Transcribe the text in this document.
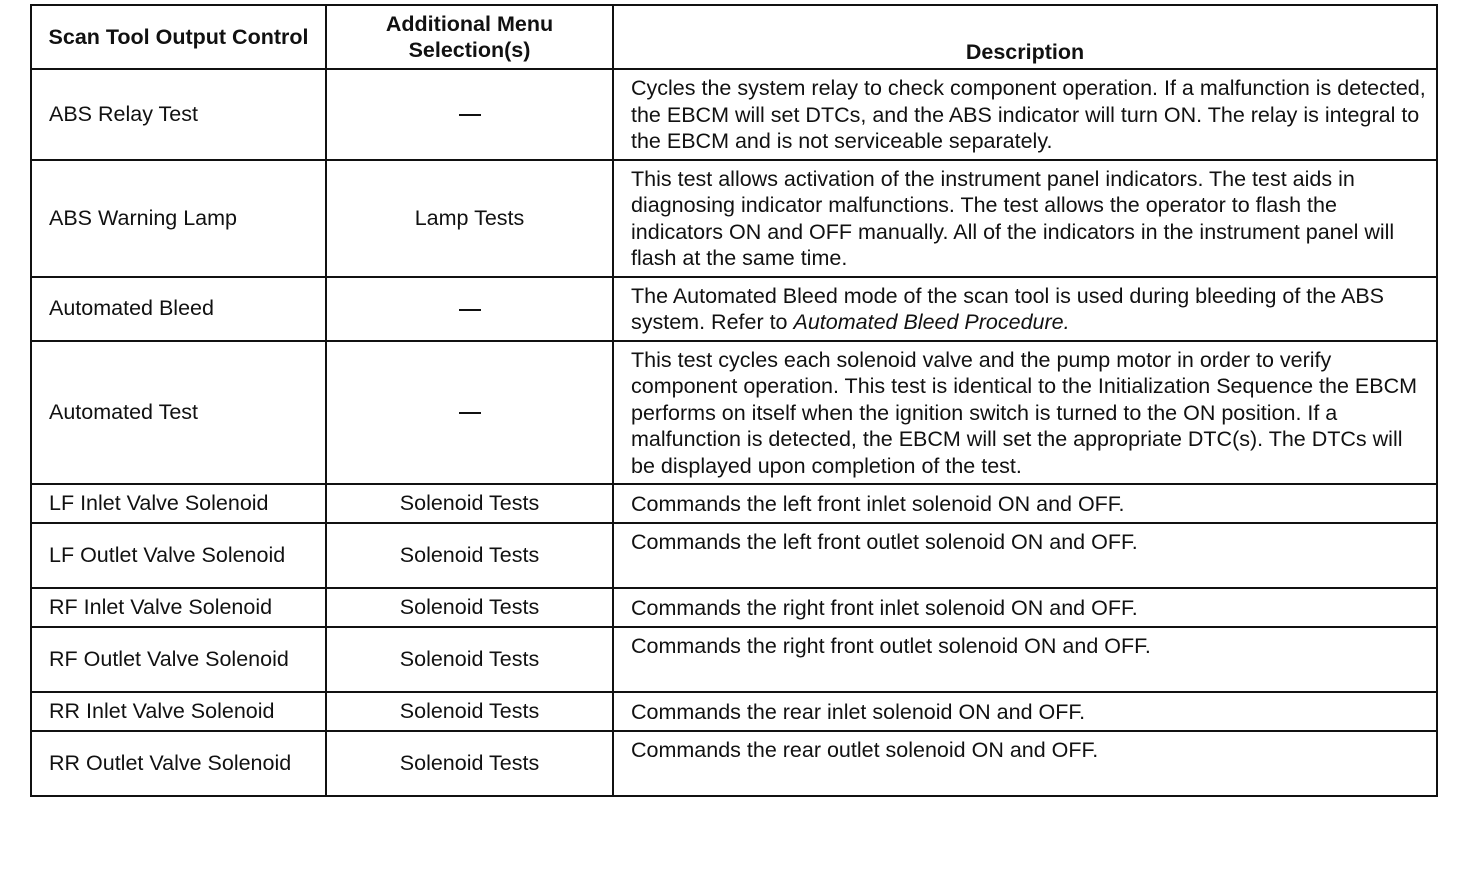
Scan Tool Output Control	Additional Menu Selection(s)	Description
ABS Relay Test		Cycles the system relay to check component operation. If a malfunction is detected, the EBCM will set DTCs, and the ABS indicator will turn ON. The relay is integral to the EBCM and is not serviceable separately.
ABS Warning Lamp	Lamp Tests	This test allows activation of the instrument panel indicators. The test aids in diagnosing indicator malfunctions. The test allows the operator to flash the indicators ON and OFF manually. All of the indicators in the instrument panel will flash at the same time.
Automated Bleed		The Automated Bleed mode of the scan tool is used during bleeding of the ABS system. Refer to Automated Bleed Procedure.
Automated Test		This test cycles each solenoid valve and the pump motor in order to verify component operation. This test is identical to the Initialization Sequence the EBCM performs on itself when the ignition switch is turned to the ON position. If a malfunction is detected, the EBCM will set the appropriate DTC(s). The DTCs will be displayed upon completion of the test.
LF Inlet Valve Solenoid	Solenoid Tests	Commands the left front inlet solenoid ON and OFF.
LF Outlet Valve Solenoid	Solenoid Tests	Commands the left front outlet solenoid ON and OFF.
RF Inlet Valve Solenoid	Solenoid Tests	Commands the right front inlet solenoid ON and OFF.
RF Outlet Valve Solenoid	Solenoid Tests	Commands the right front outlet solenoid ON and OFF.
RR Inlet Valve Solenoid	Solenoid Tests	Commands the rear inlet solenoid ON and OFF.
RR Outlet Valve Solenoid	Solenoid Tests	Commands the rear outlet solenoid ON and OFF.
